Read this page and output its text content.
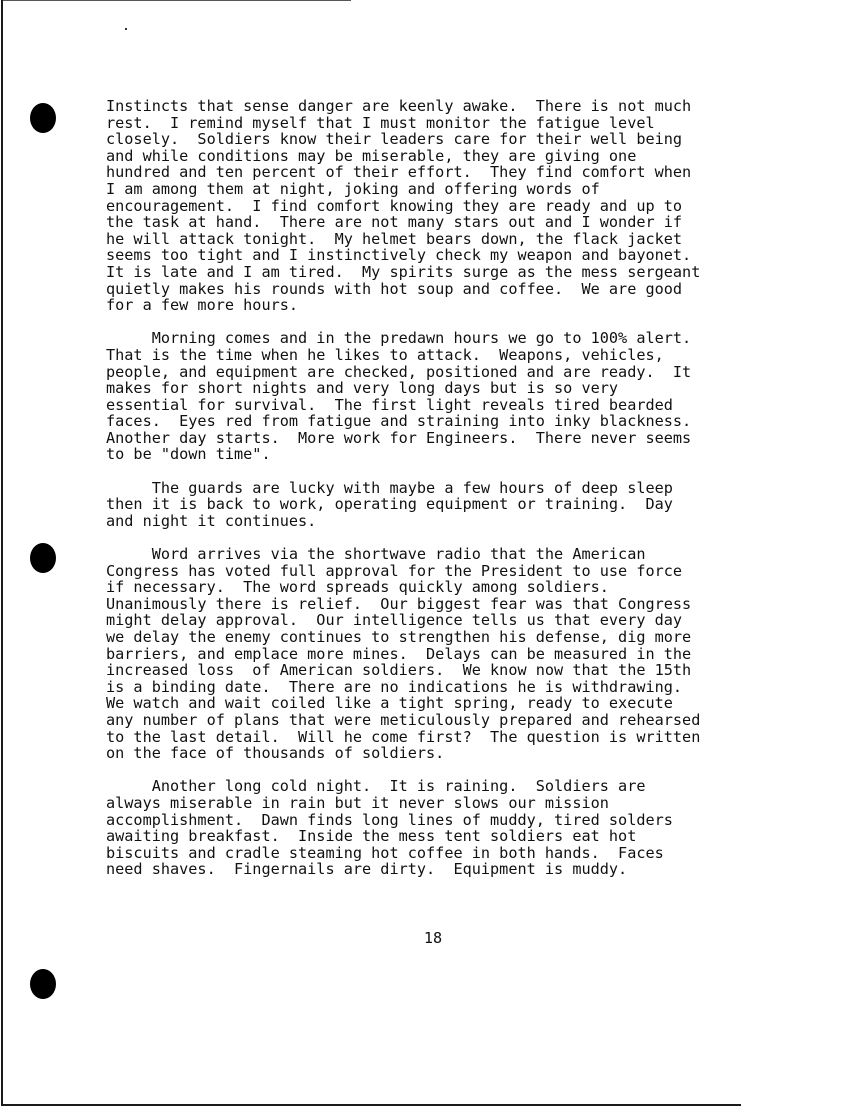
Instincts that sense danger are keenly awake.  There is not much
rest.  I remind myself that I must monitor the fatigue level
closely.  Soldiers know their leaders care for their well being
and while conditions may be miserable, they are giving one
hundred and ten percent of their effort.  They find comfort when
I am among them at night, joking and offering words of
encouragement.  I find comfort knowing they are ready and up to
the task at hand.  There are not many stars out and I wonder if
he will attack tonight.  My helmet bears down, the flack jacket
seems too tight and I instinctively check my weapon and bayonet.
It is late and I am tired.  My spirits surge as the mess sergeant
quietly makes his rounds with hot soup and coffee.  We are good
for a few more hours.
Morning comes and in the predawn hours we go to 100% alert.
That is the time when he likes to attack.  Weapons, vehicles,
people, and equipment are checked, positioned and are ready.  It
makes for short nights and very long days but is so very
essential for survival.  The first light reveals tired bearded
faces.  Eyes red from fatigue and straining into inky blackness.
Another day starts.  More work for Engineers.  There never seems
to be "down time".
The guards are lucky with maybe a few hours of deep sleep
then it is back to work, operating equipment or training.  Day
and night it continues.
Word arrives via the shortwave radio that the American
Congress has voted full approval for the President to use force
if necessary.  The word spreads quickly among soldiers.
Unanimously there is relief.  Our biggest fear was that Congress
might delay approval.  Our intelligence tells us that every day
we delay the enemy continues to strengthen his defense, dig more
barriers, and emplace more mines.  Delays can be measured in the
increased loss  of American soldiers.  We know now that the 15th
is a binding date.  There are no indications he is withdrawing.
We watch and wait coiled like a tight spring, ready to execute
any number of plans that were meticulously prepared and rehearsed
to the last detail.  Will he come first?  The question is written
on the face of thousands of soldiers.
Another long cold night.  It is raining.  Soldiers are
always miserable in rain but it never slows our mission
accomplishment.  Dawn finds long lines of muddy, tired solders
awaiting breakfast.  Inside the mess tent soldiers eat hot
biscuits and cradle steaming hot coffee in both hands.  Faces
need shaves.  Fingernails are dirty.  Equipment is muddy.
18
